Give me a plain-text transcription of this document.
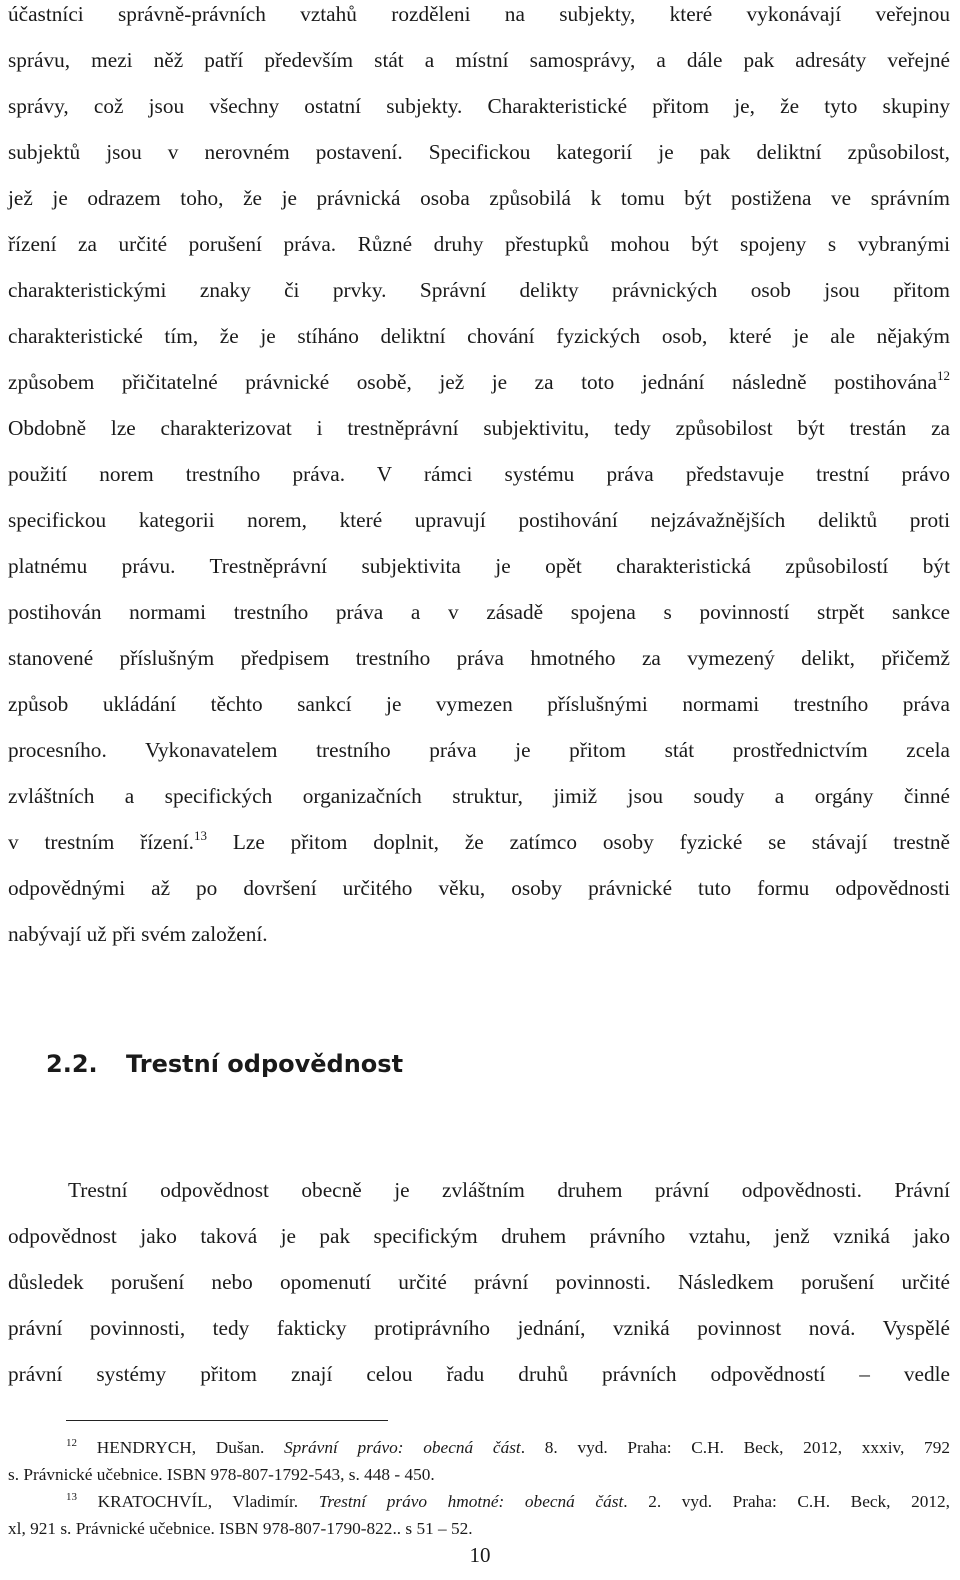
účastníci správně-právních vztahů rozděleni na subjekty, které vykonávají veřejnou
správu, mezi něž patří především stát a místní samosprávy, a dále pak adresáty veřejné
správy, což jsou všechny ostatní subjekty. Charakteristické přitom je, že tyto skupiny
subjektů jsou v nerovném postavení. Specifickou kategorií je pak deliktní způsobilost,
jež je odrazem toho, že je právnická osoba způsobilá k tomu být postižena ve správním
řízení za určité porušení práva. Různé druhy přestupků mohou být spojeny s vybranými
charakteristickými znaky či prvky. Správní delikty právnických osob jsou přitom
charakteristické tím, že je stíháno deliktní chování fyzických osob, které je ale nějakým
způsobem přičitatelné právnické osobě, jež je za toto jednání následně postihována$^{12}$
Obdobně lze charakterizovat i trestněprávní subjektivitu, tedy způsobilost být trestán za
použití norem trestního práva. V rámci systému práva představuje trestní právo
specifickou kategorii norem, které upravují postihování nejzávažnějších deliktů proti
platnému právu. Trestněprávní subjektivita je opět charakteristická způsobilostí být
postihován normami trestního práva a v zásadě spojena s povinností strpět sankce
stanovené příslušným předpisem trestního práva hmotného za vymezený delikt, přičemž
způsob ukládání těchto sankcí je vymezen příslušnými normami trestního práva
procesního. Vykonavatelem trestního práva je přitom stát prostřednictvím zcela
zvláštních a specifických organizačních struktur, jimiž jsou soudy a orgány činné
v trestním řízení.$^{13}$ Lze přitom doplnit, že zatímco osoby fyzické se stávají trestně
odpovědnými až po dovršení určitého věku, osoby právnické tuto formu odpovědnosti
nabývají už při svém založení.
2.2. Trestní odpovědnost
Trestní odpovědnost obecně je zvláštním druhem právní odpovědnosti. Právní
odpovědnost jako taková je pak specifickým druhem právního vztahu, jenž vzniká jako
důsledek porušení nebo opomenutí určité právní povinnosti. Následkem porušení určité
právní povinnosti, tedy fakticky protiprávního jednání, vzniká povinnost nová. Vyspělé
právní systémy přitom znají celou řadu druhů právních odpovědností – vedle
$^{12}$ HENDRYCH, Dušan. Správní právo: obecná část. 8. vyd. Praha: C.H. Beck, 2012, xxxiv, 792
s. Právnické učebnice. ISBN 978-807-1792-543, s. 448 - 450.
$^{13}$ KRATOCHVÍL, Vladimír. Trestní právo hmotné: obecná část. 2. vyd. Praha: C.H. Beck, 2012,
xl, 921 s. Právnické učebnice. ISBN 978-807-1790-822.. s 51 – 52.
10
